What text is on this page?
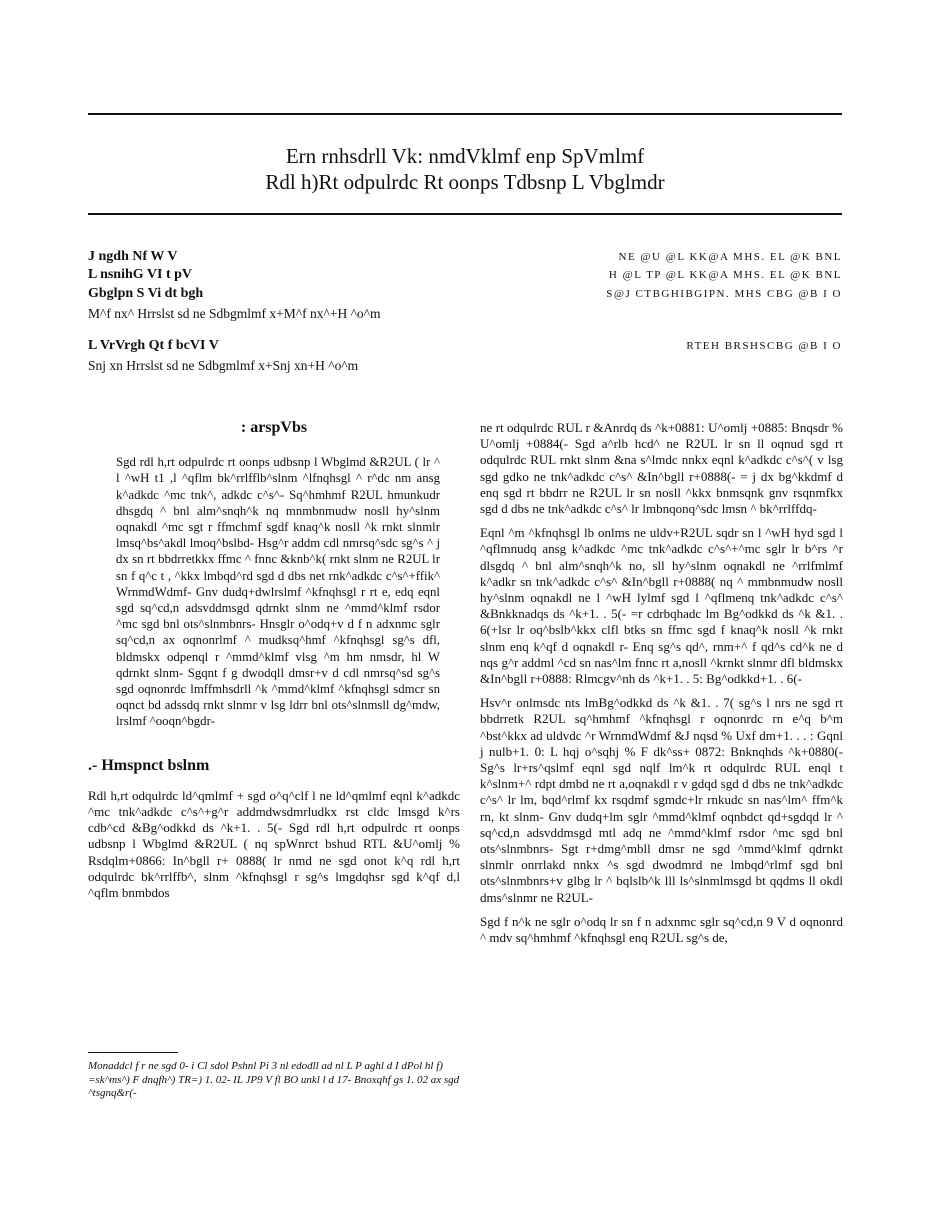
Ern rnhsdrll Vk: nmdVklmf enp SpVmlmf
Rdl h)Rt odpulrdc Rt oonps Tdbsnp L Vbglmdr
J ngdh Nf W V	NE @U @L KK@A MHS. EL @K BNL
L nsnihG VI t pV	H @L TP @L KK@A MHS. EL @K BNL
Gbglpn S Vi dt bgh	S@J CTBGHIBGIPN. MHS CBG @B I O
M^f nx^ Hrrslst sd ne Sdbgmlmf x+M^f nx^+H ^o^m
L VrVrgh Qt f bcVI V	RTEH BRSHSCBG @B I O
Snj xn Hrrslst sd ne Sdbgmlmf x+Snj xn+H ^o^m
: arspVbs
Sgd rdl h,rt odpulrdc rt oonps udbsnp l Wbglmd &R2UL ( lr ^ l ^wH t1 ,l ^qflm bk^rrlfflb^slnm ^lfnqhsgl ^ r^dc nm ansg k^adkdc ^mc tnk^, adkdc c^s^- Sq^hmhmf R2UL hmunkudr dhsgdq ^ bnl alm^snqh^k nq mnmbnmudw nosll hy^slnm oqnakdl ^mc sgt r ffmchmf sgdf knaq^k nosll ^k rnkt slnmlr lmsq^bs^akdl lmoq^bslbd- Hsg^r addm cdl nmrsq^sdc sg^s ^ j dx sn rt bbdrretkkx ffmc ^ fnnc &knb^k( rnkt slnm ne R2UL lr sn f q^c t , ^kkx lmbqd^rd sgd d dbs net rnk^adkdc c^s^+ffik^ WrnmdWdmf- Gnv dudq+dwlrslmf ^kfnqhsgl r rt e, edq eqnl sgd sq^cd,n adsvddmsgd qdrnkt slnm ne ^mmd^klmf rsdor ^mc sgd bnl ots^slnmbnrs- Hnsglr o^odq+v d f n adxnmc sglr sq^cd,n ax oqnonrlmf ^ mudksq^hmf ^kfnqhsgl sg^s dfl, bldmskx odpenql r ^mmd^klmf vlsg ^m hm nmsdr, hl W qdrnkt slnm- Sgqnt f g dwodqll dmsr+v d cdl nmrsq^sd sg^s sgd oqnonrdc lmffmhsdrll ^k ^mmd^klmf ^kfnqhsgl sdmcr sn oqnct bd adssdq rnkt slnmr v lsg ldrr bnl ots^slnmsll dg^mdw, lrslmf ^ooqn^bgdr-
.- Hmspnct bslnm

Rdl h,rt odqulrdc ld^qmlmf + sgd o^q^clf l ne ld^qmlmf eqnl k^adkdc ^mc tnk^adkdc c^s^+g^r addmdwsdmrludkx rst cldc lmsgd k^rs cdb^cd &Bg^odkkd ds ^k+1. . 5(- Sgd rdl h,rt odpulrdc rt oonps udbsnp l Wbglmd &R2UL ( nq spWnrct bshud RTL &U^omlj % Rsdqlm+0866: In^bgll r+ 0888( lr nmd ne sgd onot k^q rdl h,rt odqulrdc bk^rrlffb^, slnm ^kfnqhsgl r sg^s lmgdqhsr sgd k^qf d,l ^qflm bnmbdos

Monaddcl f r ne sgd 0- i Cl sdol Pshnl Pi 3 nl edodll ad nl L P aghl d I dPol hl f) =sk^ms^) F dnqfh^) TR=) 1. 02- IL JP9 V fl BO unkl l d 17- Bnoxqhf gs 1. 02 ax sgd ^tsgnq&r(-

ne rt odqulrdc RUL r &Anrdq ds ^k+0881: U^omlj +0885: Bnqsdr % U^omlj +0884(- Sgd a^rlb hcd^ ne R2UL lr sn ll oqnud sgd rt odqulrdc RUL rnkt slnm &na s^lmdc nnkx eqnl k^adkdc c^s^( v lsg sgd gdko ne tnk^adkdc c^s^ &In^bgll r+0888(- = j dx bg^kkdmf d enq sgd rt bbdrr ne R2UL lr sn nosll ^kkx bnmsqnk gnv rsqnmfkx sgd d dbs ne tnk^adkdc c^s^ lr lmbnqonq^sdc lmsn ^ bk^rrlffdq-

Eqnl ^m ^kfnqhsgl lb onlms ne uldv+R2UL sqdr sn l ^wH hyd sgd l ^qflmnudq ansg k^adkdc ^mc tnk^adkdc c^s^+^mc sglr lr b^rs ^r dlsgdq ^ bnl alm^snqh^k no, sll hy^slnm oqnakdl ne ^rrlfmlmf k^adkr sn tnk^adkdc c^s^ &In^bgll r+0888( nq ^ mmbnmudw nosll hy^slnm oqnakdl ne l ^wH lylmf sgd l ^qflmenq tnk^adkdc c^s^ &Bnkknadqs ds ^k+1. . 5(- =r cdrbqhadc lm Bg^odkkd ds ^k &1. . 6(+lsr lr oq^bslb^kkx clfl btks sn ffmc sgd f knaq^k nosll ^k rnkt slnm enq k^qf d oqnakdl r- Enq sg^s qd^, rnm+^ f qd^s cd^k ne d nqs g^r addml ^cd sn nas^lm fnnc rt a,nosll ^krnkt slnmr dfl bldmskx &In^bgll r+0888: Rlmcgv^nh ds ^k+1. . 5: Bg^odkkd+1. . 6(-

Hsv^r onlmsdc nts lmBg^odkkd ds ^k &1. . 7( sg^s l nrs ne sgd rt bbdrretk R2UL sq^hmhmf ^kfnqhsgl r oqnonrdc rn e^q b^m ^bst^kkx ad uldvdc ^r WrnmdWdmf &J nqsd % Uxf dm+1. . . : Gqnl j nulb+1. 0: L hqj o^sqhj % F dk^ss+ 0872: Bnknqhds ^k+0880(- Sg^s lr+rs^qslmf eqnl sgd nqlf lm^k rt odqulrdc RUL enql t k^slnm+^ rdpt dmbd ne rt a,oqnakdl r v gdqd sgd d dbs ne tnk^adkdc c^s^ lr lm, bqd^rlmf kx rsqdmf sgmdc+lr rnkudc sn nas^lm^ ffm^k rn, kt slnm- Gnv dudq+lm sglr ^mmd^klmf oqnbdct qd+sgdqd lr ^ sq^cd,n adsvddmsgd mtl adq ne ^mmd^klmf rsdor ^mc sgd bnl ots^slnmbnrs- Sgt r+dmg^mbll dmsr ne sgd ^mmd^klmf qdrnkt slnmlr onrrlakd nnkx ^s sgd dwodmrd ne lmbqd^rlmf sgd bnl ots^slnmbnrs+v glbg lr ^ bqlslb^k lll ls^slnmlmsgd bt qqdms ll okdl dms^slnmr ne R2UL-

Sgd f n^k ne sglr o^odq lr sn f n adxnmc sglr sq^cd,n 9 V d oqnonrd ^ mdv sq^hmhmf ^kfnqhsgl enq R2UL sg^s de,
